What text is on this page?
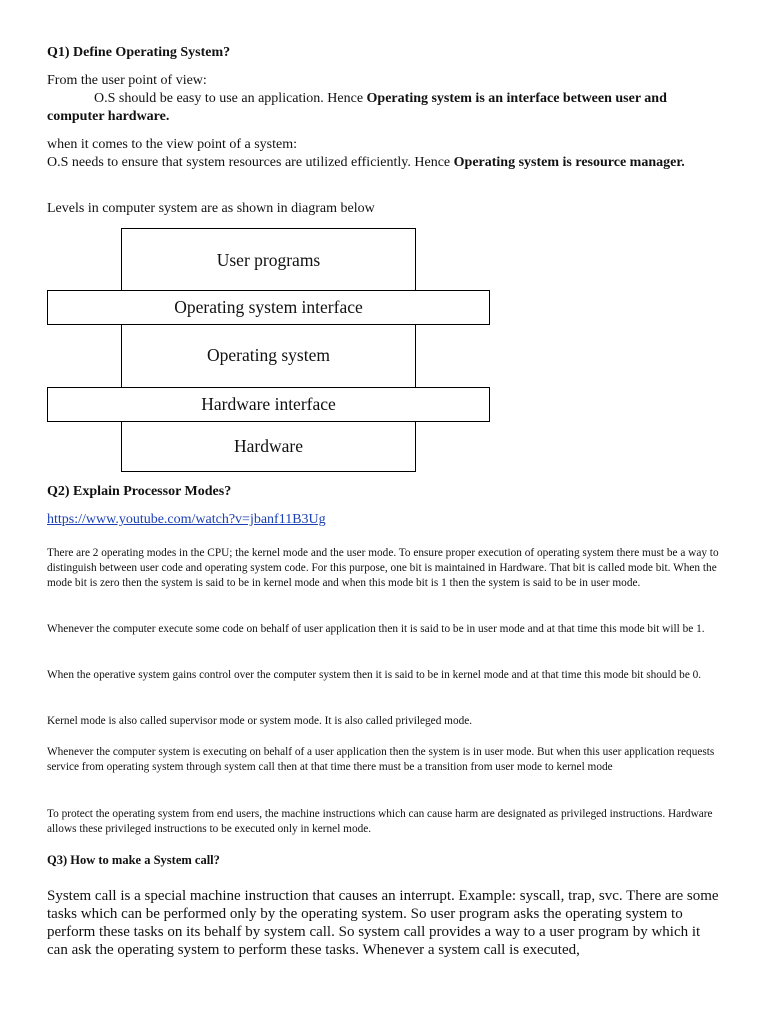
Q1) Define Operating System?
From the user point of view:
O.S should be easy to use an application. Hence Operating system is an interface between user and computer hardware.
when it comes to the view point of a system:
O.S needs to ensure that system resources are utilized efficiently. Hence Operating system is resource manager.
Levels in computer system are as shown in diagram below
User programs
Operating system
Hardware
Operating system interface
Hardware interface
Q2) Explain Processor Modes?
https://www.youtube.com/watch?v=jbanf11B3Ug
There are 2 operating modes in the CPU; the kernel mode and the user mode. To ensure proper execution of operating system there must be a way to distinguish between user code and operating system code. For this purpose, one bit is maintained in Hardware. That bit is called mode bit. When the mode bit is zero then the system is said to be in kernel mode and when this mode bit is 1 then the system is said to be in user mode.
Whenever the computer execute some code on behalf of user application then it is said to be in user mode and at that time this mode bit will be 1.
When the operative system gains control over the computer system then it is said to be in kernel mode and at that time this mode bit should be 0.
Kernel mode is also called supervisor mode or system mode. It is also called privileged mode.
Whenever the computer system is executing on behalf of a user application then the system is in user mode. But when this user application requests service from operating system through system call then at that time there must be a transition from user mode to kernel mode
To protect the operating system from end users, the machine instructions which can cause harm are designated as privileged instructions. Hardware allows these privileged instructions to be executed only in kernel mode.
Q3) How to make a System call?
System call is a special machine instruction that causes an interrupt. Example: syscall, trap, svc. There are some tasks which can be performed only by the operating system. So user program asks the operating system to perform these tasks on its behalf by system call. So system call provides a way to a user program by which it can ask the operating system to perform these tasks. Whenever a system call is executed,
